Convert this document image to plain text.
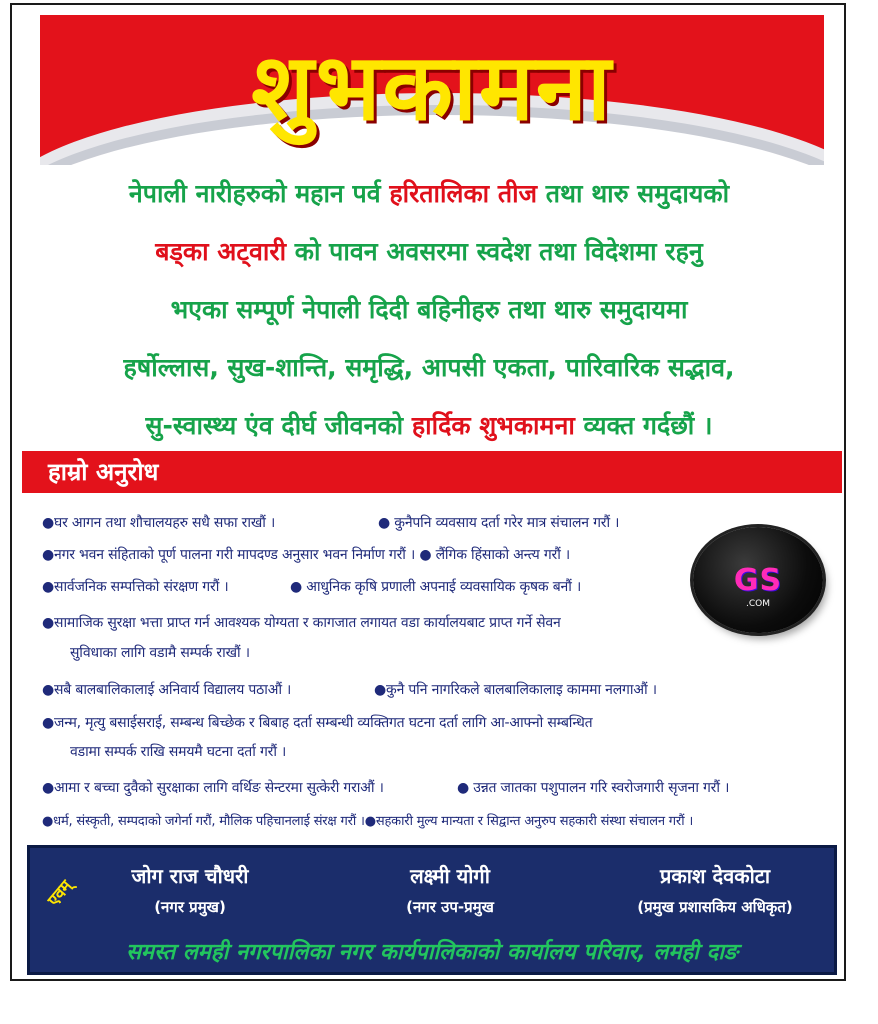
शुभकामना
नेपाली नारीहरुको महान पर्व हरितालिका तीज तथा थारु समुदायको
बड्का अट्वारी को पावन अवसरमा स्वदेश तथा विदेशमा रहनु
भएका सम्पूर्ण नेपाली दिदी बहिनीहरु तथा थारु समुदायमा
हर्षोल्लास, सुख-शान्ति, समृद्धि, आपसी एकता, पारिवारिक सद्भाव,
सु-स्वास्थ्य एंव दीर्घ जीवनको हार्दिक शुभकामना व्यक्त गर्दछौं ।
हाम्रो अनुरोध
●घर आगन तथा शौचालयहरु सधै सफा राखौं ।	● कुनैपनि व्यवसाय दर्ता गरेर मात्र संचालन गरौं ।
●नगर भवन संहिताको पूर्ण पालना गरी मापदण्ड अनुसार भवन निर्माण गरौं । ● लैंगिक हिंसाको अन्त्य गरौं ।
●सार्वजनिक सम्पत्तिको संरक्षण गरौं ।	● आधुनिक कृषि प्रणाली अपनाई व्यवसायिक कृषक बनौं ।
●सामाजिक सुरक्षा भत्ता प्राप्त गर्न आवश्यक योग्यता र कागजात लगायत वडा कार्यालयबाट प्राप्त गर्ने सेवन
सुविधाका लागि वडामै सम्पर्क राखौं ।
●सबै बालबालिकालाई अनिवार्य विद्यालय पठाऔं ।	●कुनै पनि नागरिकले बालबालिकालाइ काममा नलगाऔं ।
●जन्म, मृत्यु बसाईसराई, सम्बन्ध बिच्छेक र बिबाह दर्ता सम्बन्धी व्यक्तिगत घटना दर्ता लागि आ-आफ्नो सम्बन्धित
वडामा सम्पर्क राखि समयमै घटना दर्ता गरौं ।
●आमा र बच्चा दुवैको सुरक्षाका लागि वर्थिङ सेन्टरमा सुत्केरी गराऔं ।	● उन्नत जातका पशुपालन गरि स्वरोजगारी सृजना गरौं ।
●धर्म, संस्कृती, सम्पदाको जगेर्ना गरौं, मौलिक पहिचानलाई संरक्ष गरौं ।●सहकारी मुल्य मान्यता र सिद्वान्त अनुरुप सहकारी संस्था संचालन गरौं ।
GS
.COM
जोग राज चौधरी
(नगर प्रमुख)
लक्ष्मी योगी
(नगर उप-प्रमुख
प्रकाश देवकोटा
(प्रमुख प्रशासकिय अधिकृत)
एवम्
समस्त लमही नगरपालिका नगर कार्यपालिकाको कार्यालय परिवार, लमही दाङ
